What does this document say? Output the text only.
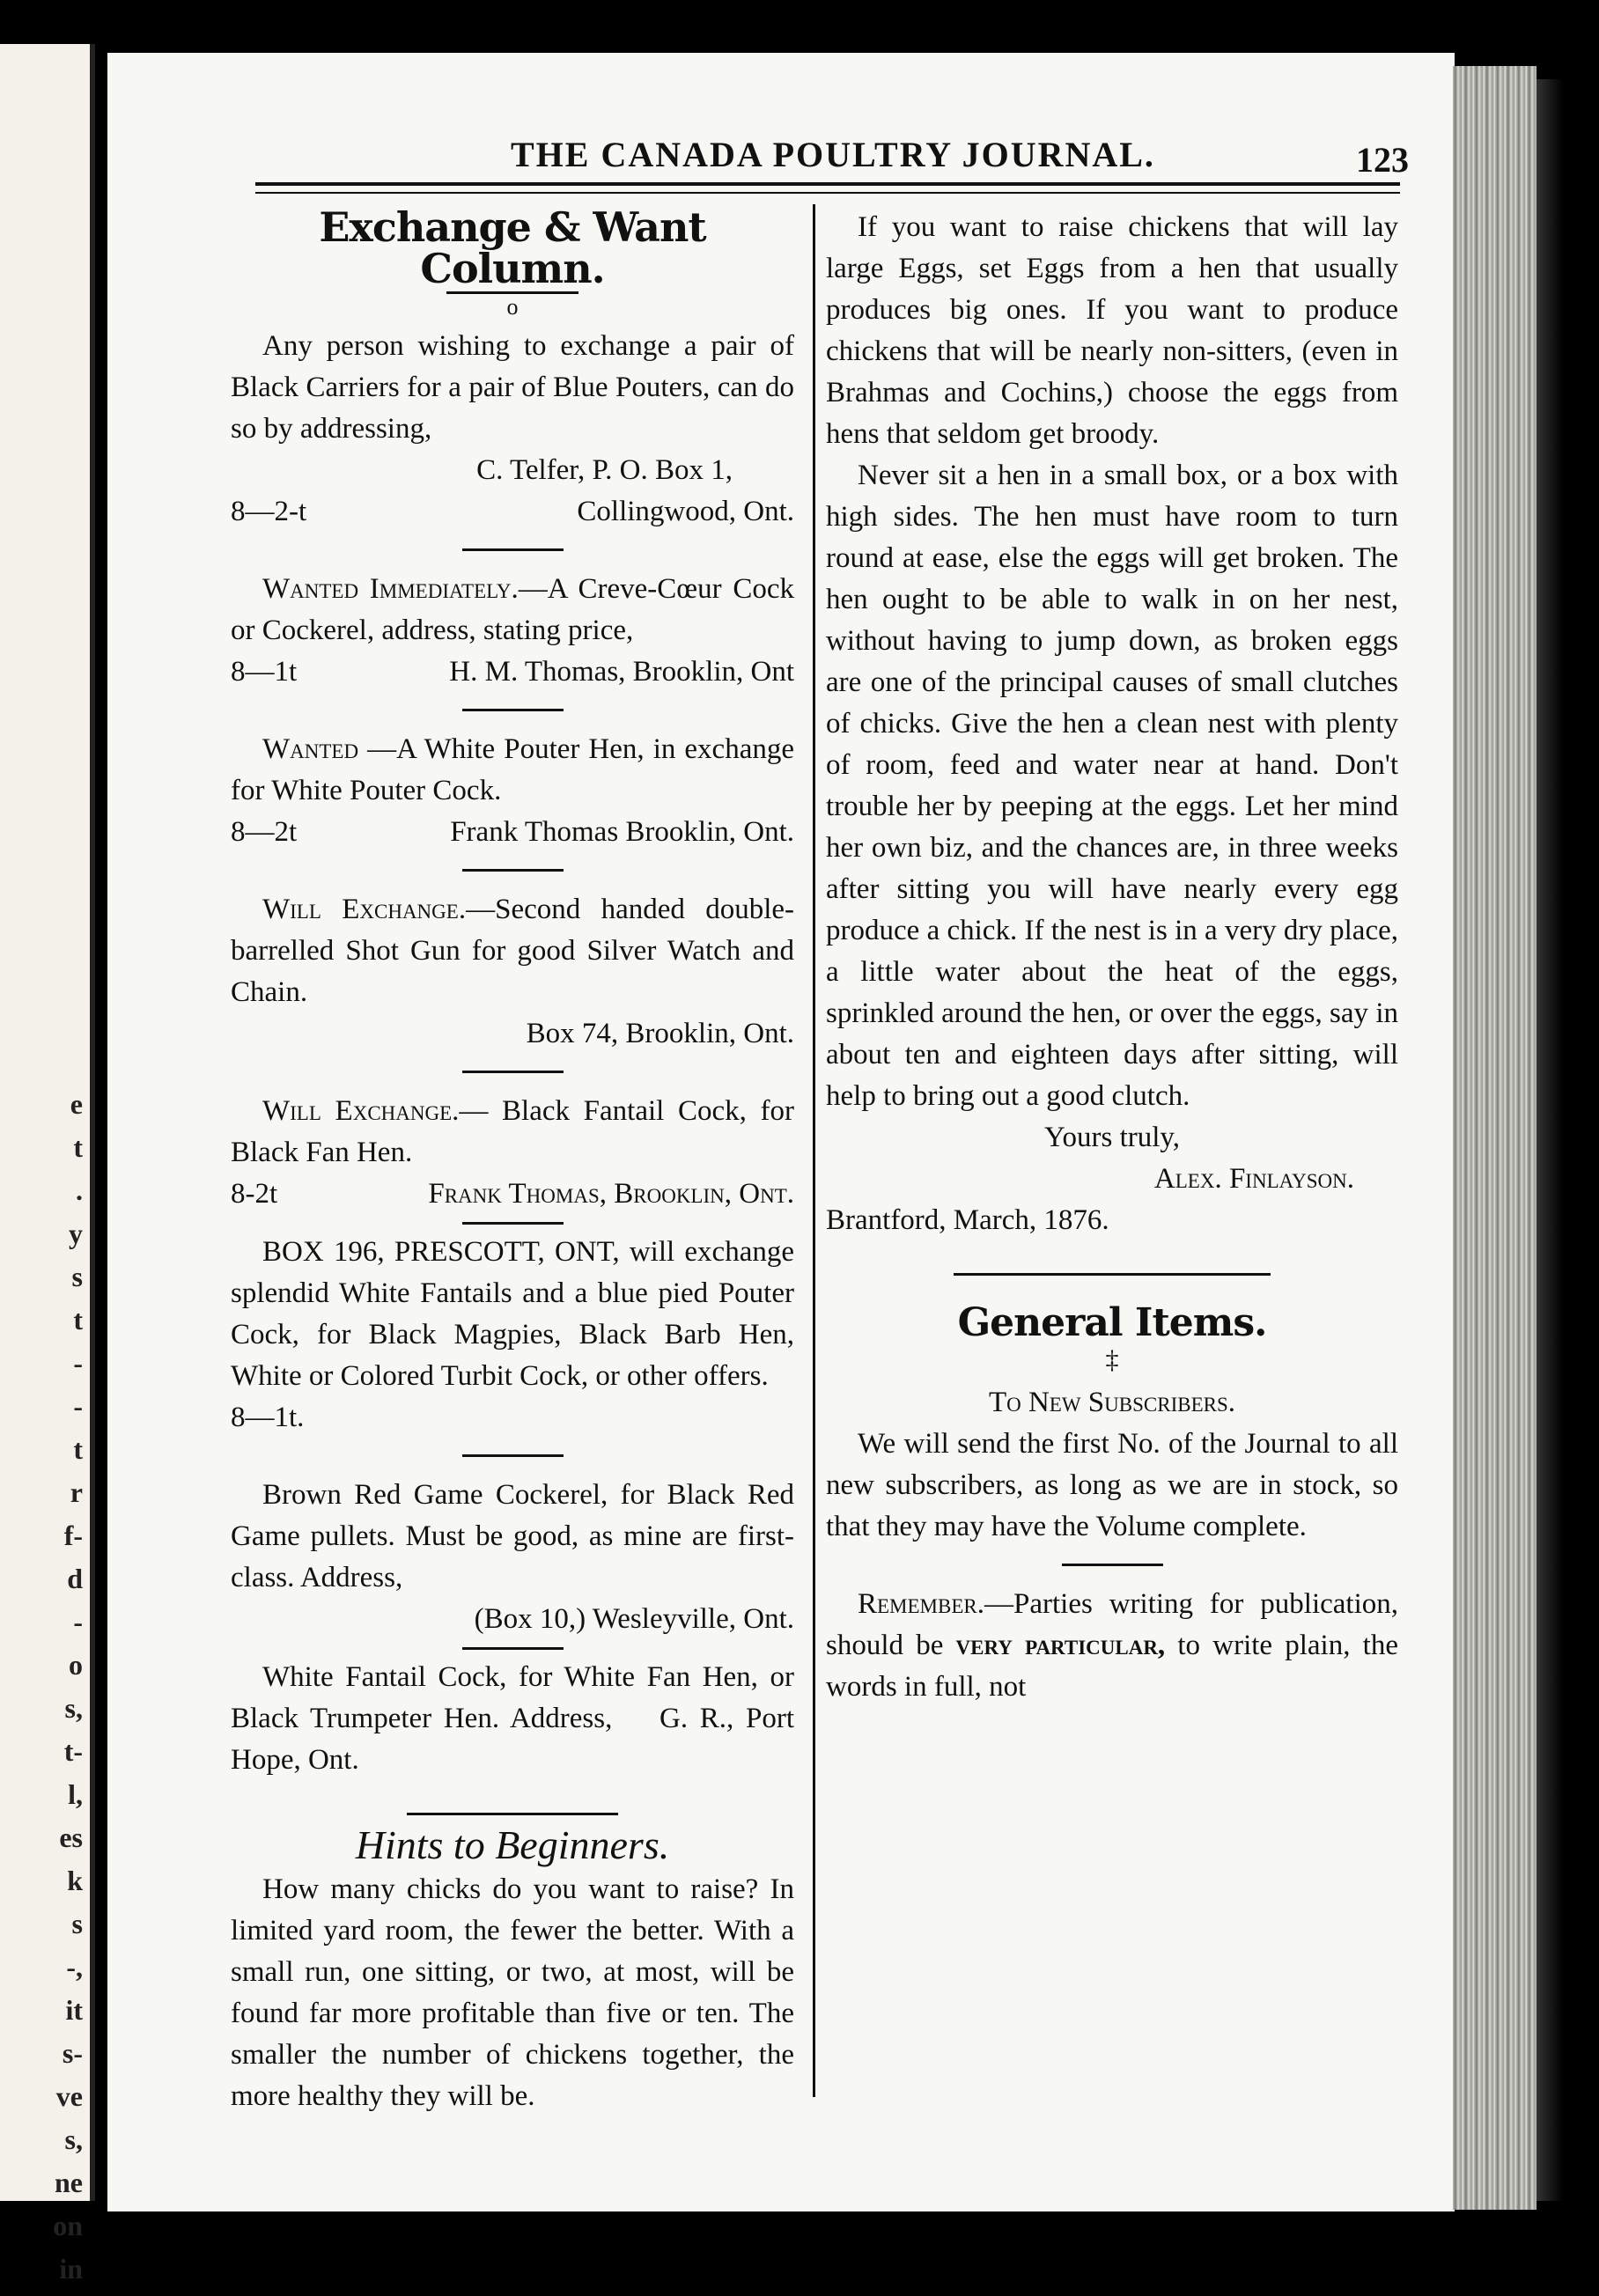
e
t
.
y
s
t
-
-
t
r
f-
d
-
o
s,
t-
l,
es
k
s
-,
it
s-
ve
s,
ne
on
in
THE CANADA POULTRY JOURNAL.	123
Exchange & Want Column.
o

Any person wishing to exchange a pair of Black Carriers for a pair of Blue Pouters, can do so by addressing,

C. Telfer, P. O. Box 1,

8—2-t	Collingwood, Ont.

Wanted Immediately.—A Creve-Cœur Cock or Cockerel, address, stating price,

8—1t	H. M. Thomas, Brooklin, Ont

Wanted —A White Pouter Hen, in exchange for White Pouter Cock.

8—2t	Frank Thomas Brooklin, Ont.

Will Exchange.—Second handed double-barrelled Shot Gun for good Silver Watch and Chain.

Box 74, Brooklin, Ont.

Will Exchange.— Black Fantail Cock, for Black Fan Hen.

8-2t	Frank Thomas, Brooklin, Ont.

BOX 196, PRESCOTT, ONT, will exchange splendid White Fantails and a blue pied Pouter Cock, for Black Magpies, Black Barb Hen, White or Colored Turbit Cock, or other offers.

8—1t.

Brown Red Game Cockerel, for Black Red Game pullets. Must be good, as mine are first-class. Address,

(Box 10,) Wesleyville, Ont.

White Fantail Cock, for White Fan Hen, or Black Trumpeter Hen. Address, G. R., Port Hope, Ont.

Hints to Beginners.

How many chicks do you want to raise? In limited yard room, the fewer the better. With a small run, one sitting, or two, at most, will be found far more profitable than five or ten. The smaller the number of chickens together, the more healthy they will be.

If you want to raise chickens that will lay large Eggs, set Eggs from a hen that usually produces big ones. If you want to produce chickens that will be nearly non-sitters, (even in Brahmas and Cochins,) choose the eggs from hens that seldom get broody.

Never sit a hen in a small box, or a box with high sides. The hen must have room to turn round at ease, else the eggs will get broken. The hen ought to be able to walk in on her nest, without having to jump down, as broken eggs are one of the principal causes of small clutches of chicks. Give the hen a clean nest with plenty of room, feed and water near at hand. Don't trouble her by peeping at the eggs. Let her mind her own biz, and the chances are, in three weeks after sitting you will have nearly every egg produce a chick. If the nest is in a very dry place, a little water about the heat of the eggs, sprinkled around the hen, or over the eggs, say in about ten and eighteen days after sitting, will help to bring out a good clutch.

Yours truly,

Alex. Finlayson.

Brantford, March, 1876.

General Items.
‡

To New Subscribers.

We will send the first No. of the Journal to all new subscribers, as long as we are in stock, so that they may have the Volume complete.

Remember.—Parties writing for publication, should be very particular, to write plain, the words in full, not
